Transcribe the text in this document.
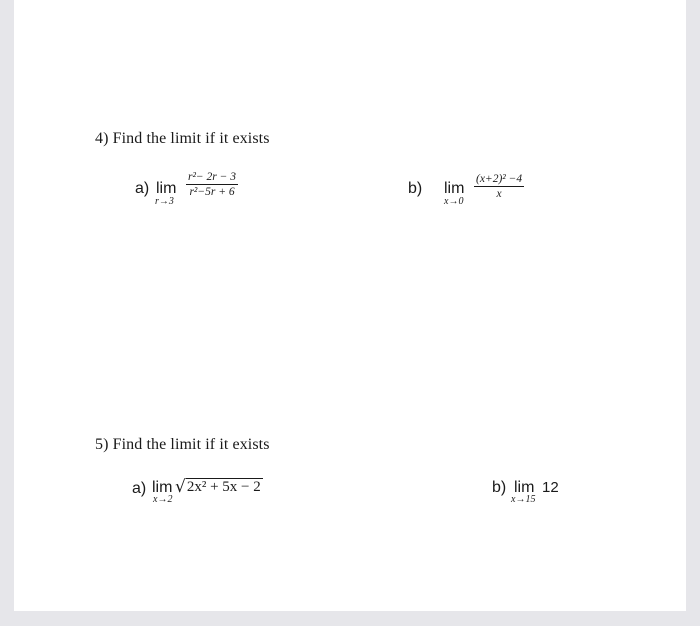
4) Find the limit if it exists
a) lim
r→3
r²− 2r − 3
r²−5r + 6	b) lim
x→0
(x+2)² −4
x
5) Find the limit if it exists
a) lim
x→2
√2x² + 5x − 2	b) lim
x→15
12
